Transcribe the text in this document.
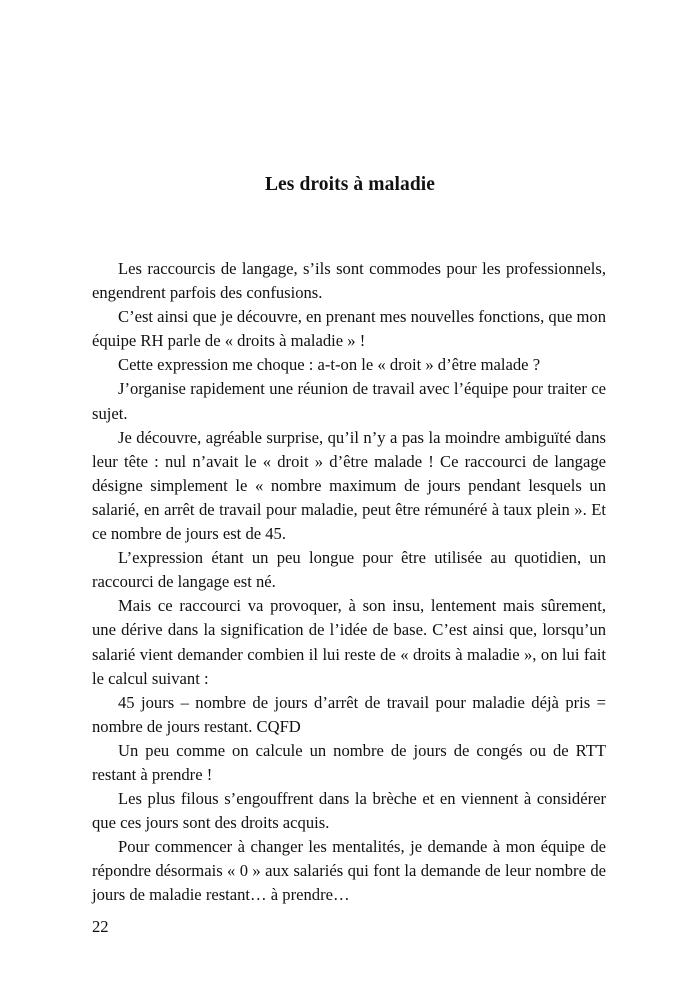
Les droits à maladie

Les raccourcis de langage, s’ils sont commodes pour les professionnels, engendrent parfois des confusions.

C’est ainsi que je découvre, en prenant mes nouvelles fonctions, que mon équipe RH parle de « droits à maladie » !

Cette expression me choque : a-t-on le « droit » d’être malade ?

J’organise rapidement une réunion de travail avec l’équipe pour traiter ce sujet.

Je découvre, agréable surprise, qu’il n’y a pas la moindre ambiguïté dans leur tête : nul n’avait le « droit » d’être malade ! Ce raccourci de langage désigne simplement le « nombre maximum de jours pendant lesquels un salarié, en arrêt de travail pour maladie, peut être rémunéré à taux plein ». Et ce nombre de jours est de 45.

L’expression étant un peu longue pour être utilisée au quotidien, un raccourci de langage est né.

Mais ce raccourci va provoquer, à son insu, lentement mais sûrement, une dérive dans la signification de l’idée de base. C’est ainsi que, lorsqu’un salarié vient demander combien il lui reste de « droits à maladie », on lui fait le calcul suivant :

45 jours – nombre de jours d’arrêt de travail pour maladie déjà pris = nombre de jours restant. CQFD

Un peu comme on calcule un nombre de jours de congés ou de RTT restant à prendre !

Les plus filous s’engouffrent dans la brèche et en viennent à considérer que ces jours sont des droits acquis.

Pour commencer à changer les mentalités, je demande à mon équipe de répondre désormais « 0 » aux salariés qui font la demande de leur nombre de jours de maladie restant… à prendre…

22
